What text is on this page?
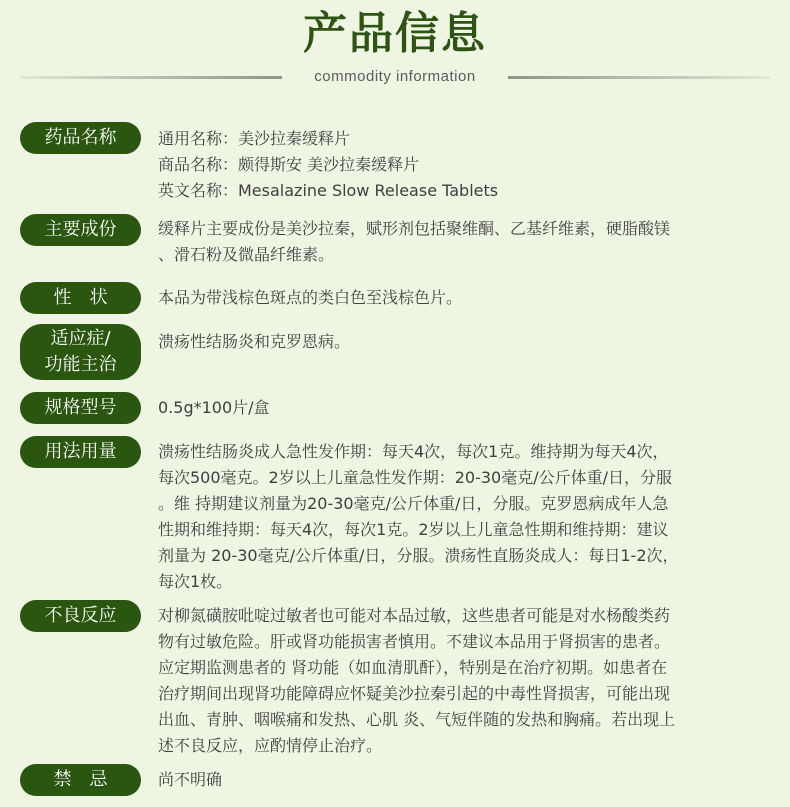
产品信息
commodity information
药品名称	通用名称：美沙拉秦缓释片

商品名称：颇得斯安 美沙拉秦缓释片

英文名称：Mesalazine Slow Release Tablets

主要成份	缓释片主要成份是美沙拉秦，赋形剂包括聚维酮、乙基纤维素，硬脂酸镁

、滑石粉及微晶纤维素。

性　状	本品为带浅棕色斑点的类白色至浅棕色片。

适应症/
功能主治

溃疡性结肠炎和克罗恩病。

规格型号	0.5g*100片/盒

用法用量	溃疡性结肠炎成人急性发作期：每天4次，每次1克。维持期为每天4次，

每次500毫克。2岁以上儿童急性发作期：20-30毫克/公斤体重/日，分服

。维 持期建议剂量为20-30毫克/公斤体重/日，分服。克罗恩病成年人急

性期和维持期：每天4次，每次1克。2岁以上儿童急性期和维持期：建议

剂量为 20-30毫克/公斤体重/日，分服。溃疡性直肠炎成人：每日1-2次，

每次1枚。

不良反应	对柳氮磺胺吡啶过敏者也可能对本品过敏，这些患者可能是对水杨酸类药

物有过敏危险。肝或肾功能损害者慎用。不建议本品用于肾损害的患者。

应定期监测患者的 肾功能（如血清肌酐），特别是在治疗初期。如患者在

治疗期间出现肾功能障碍应怀疑美沙拉秦引起的中毒性肾损害，可能出现

出血、青肿、咽喉痛和发热、心肌 炎、气短伴随的发热和胸痛。若出现上

述不良反应，应酌情停止治疗。

禁　忌	尚不明确
